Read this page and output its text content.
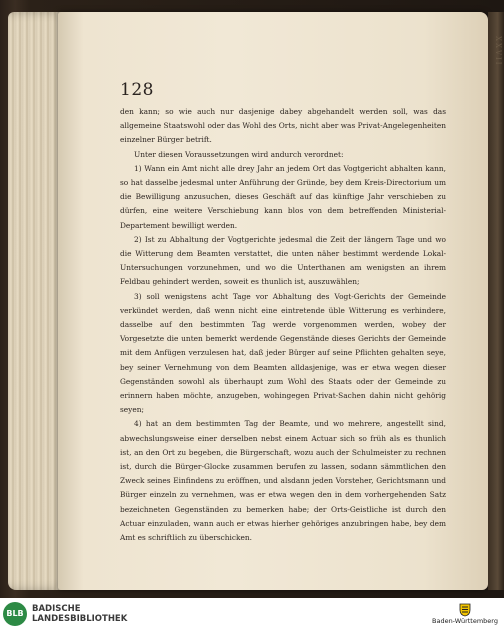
XXVII
128

den kann; so wie auch nur dasjenige dabey abgehandelt werden soll, was das allgemeine Staatswohl oder das Wohl des Orts, nicht aber was Privat-Angelegenheiten einzelner Bürger betrift.

Unter diesen Voraussetzungen wird andurch verordnet:

1) Wann ein Amt nicht alle drey Jahr an jedem Ort das Vogtgericht abhalten kann, so hat dasselbe jedesmal unter Anführung der Gründe, bey dem Kreis-Directorium um die Bewilligung anzusuchen, dieses Geschäft auf das künftige Jahr verschieben zu dürfen, eine weitere Verschiebung kann blos von dem betreffenden Ministerial-Departement bewilligt werden.

2) Ist zu Abhaltung der Vogtgerichte jedesmal die Zeit der längern Tage und wo die Witterung dem Beamten verstattet, die unten näher bestimmt werdende Lokal-Untersuchungen vorzunehmen, und wo die Unterthanen am wenigsten an ihrem Feldbau gehindert werden, soweit es thunlich ist, auszuwählen;

3) soll wenigstens acht Tage vor Abhaltung des Vogt-Gerichts der Gemeinde verkündet werden, daß wenn nicht eine eintretende üble Witterung es verhindere, dasselbe auf den bestimmten Tag werde vorgenommen werden, wobey der Vorgesetzte die unten bemerkt werdende Gegenstände dieses Gerichts der Gemeinde mit dem Anfügen verzulesen hat, daß jeder Bürger auf seine Pflichten gehalten seye, bey seiner Vernehmung von dem Beamten alldasjenige, was er etwa wegen dieser Gegenständen sowohl als überhaupt zum Wohl des Staats oder der Gemeinde zu erinnern haben möchte, anzugeben, wohingegen Privat-Sachen dahin nicht gehörig seyen;

4) hat an dem bestimmten Tag der Beamte, und wo mehrere, angestellt sind, abwechslungsweise einer derselben nebst einem Actuar sich so früh als es thunlich ist, an den Ort zu begeben, die Bürgerschaft, wozu auch der Schulmeister zu rechnen ist, durch die Bürger-Glocke zusammen berufen zu lassen, sodann sämmtlichen den Zweck seines Einfindens zu eröffnen, und alsdann jeden Vorsteher, Gerichtsmann und Bürger einzeln zu vernehmen, was er etwa wegen den in dem vorhergehenden Satz bezeichneten Gegenständen zu bemerken habe; der Orts-Geistliche ist durch den Actuar einzuladen, wann auch er etwas hierher gehöriges anzubringen habe, bey dem Amt es schriftlich zu überschicken.

BLB BADISCHE
LANDESBIBLIOTHEK	Baden-Württemberg
